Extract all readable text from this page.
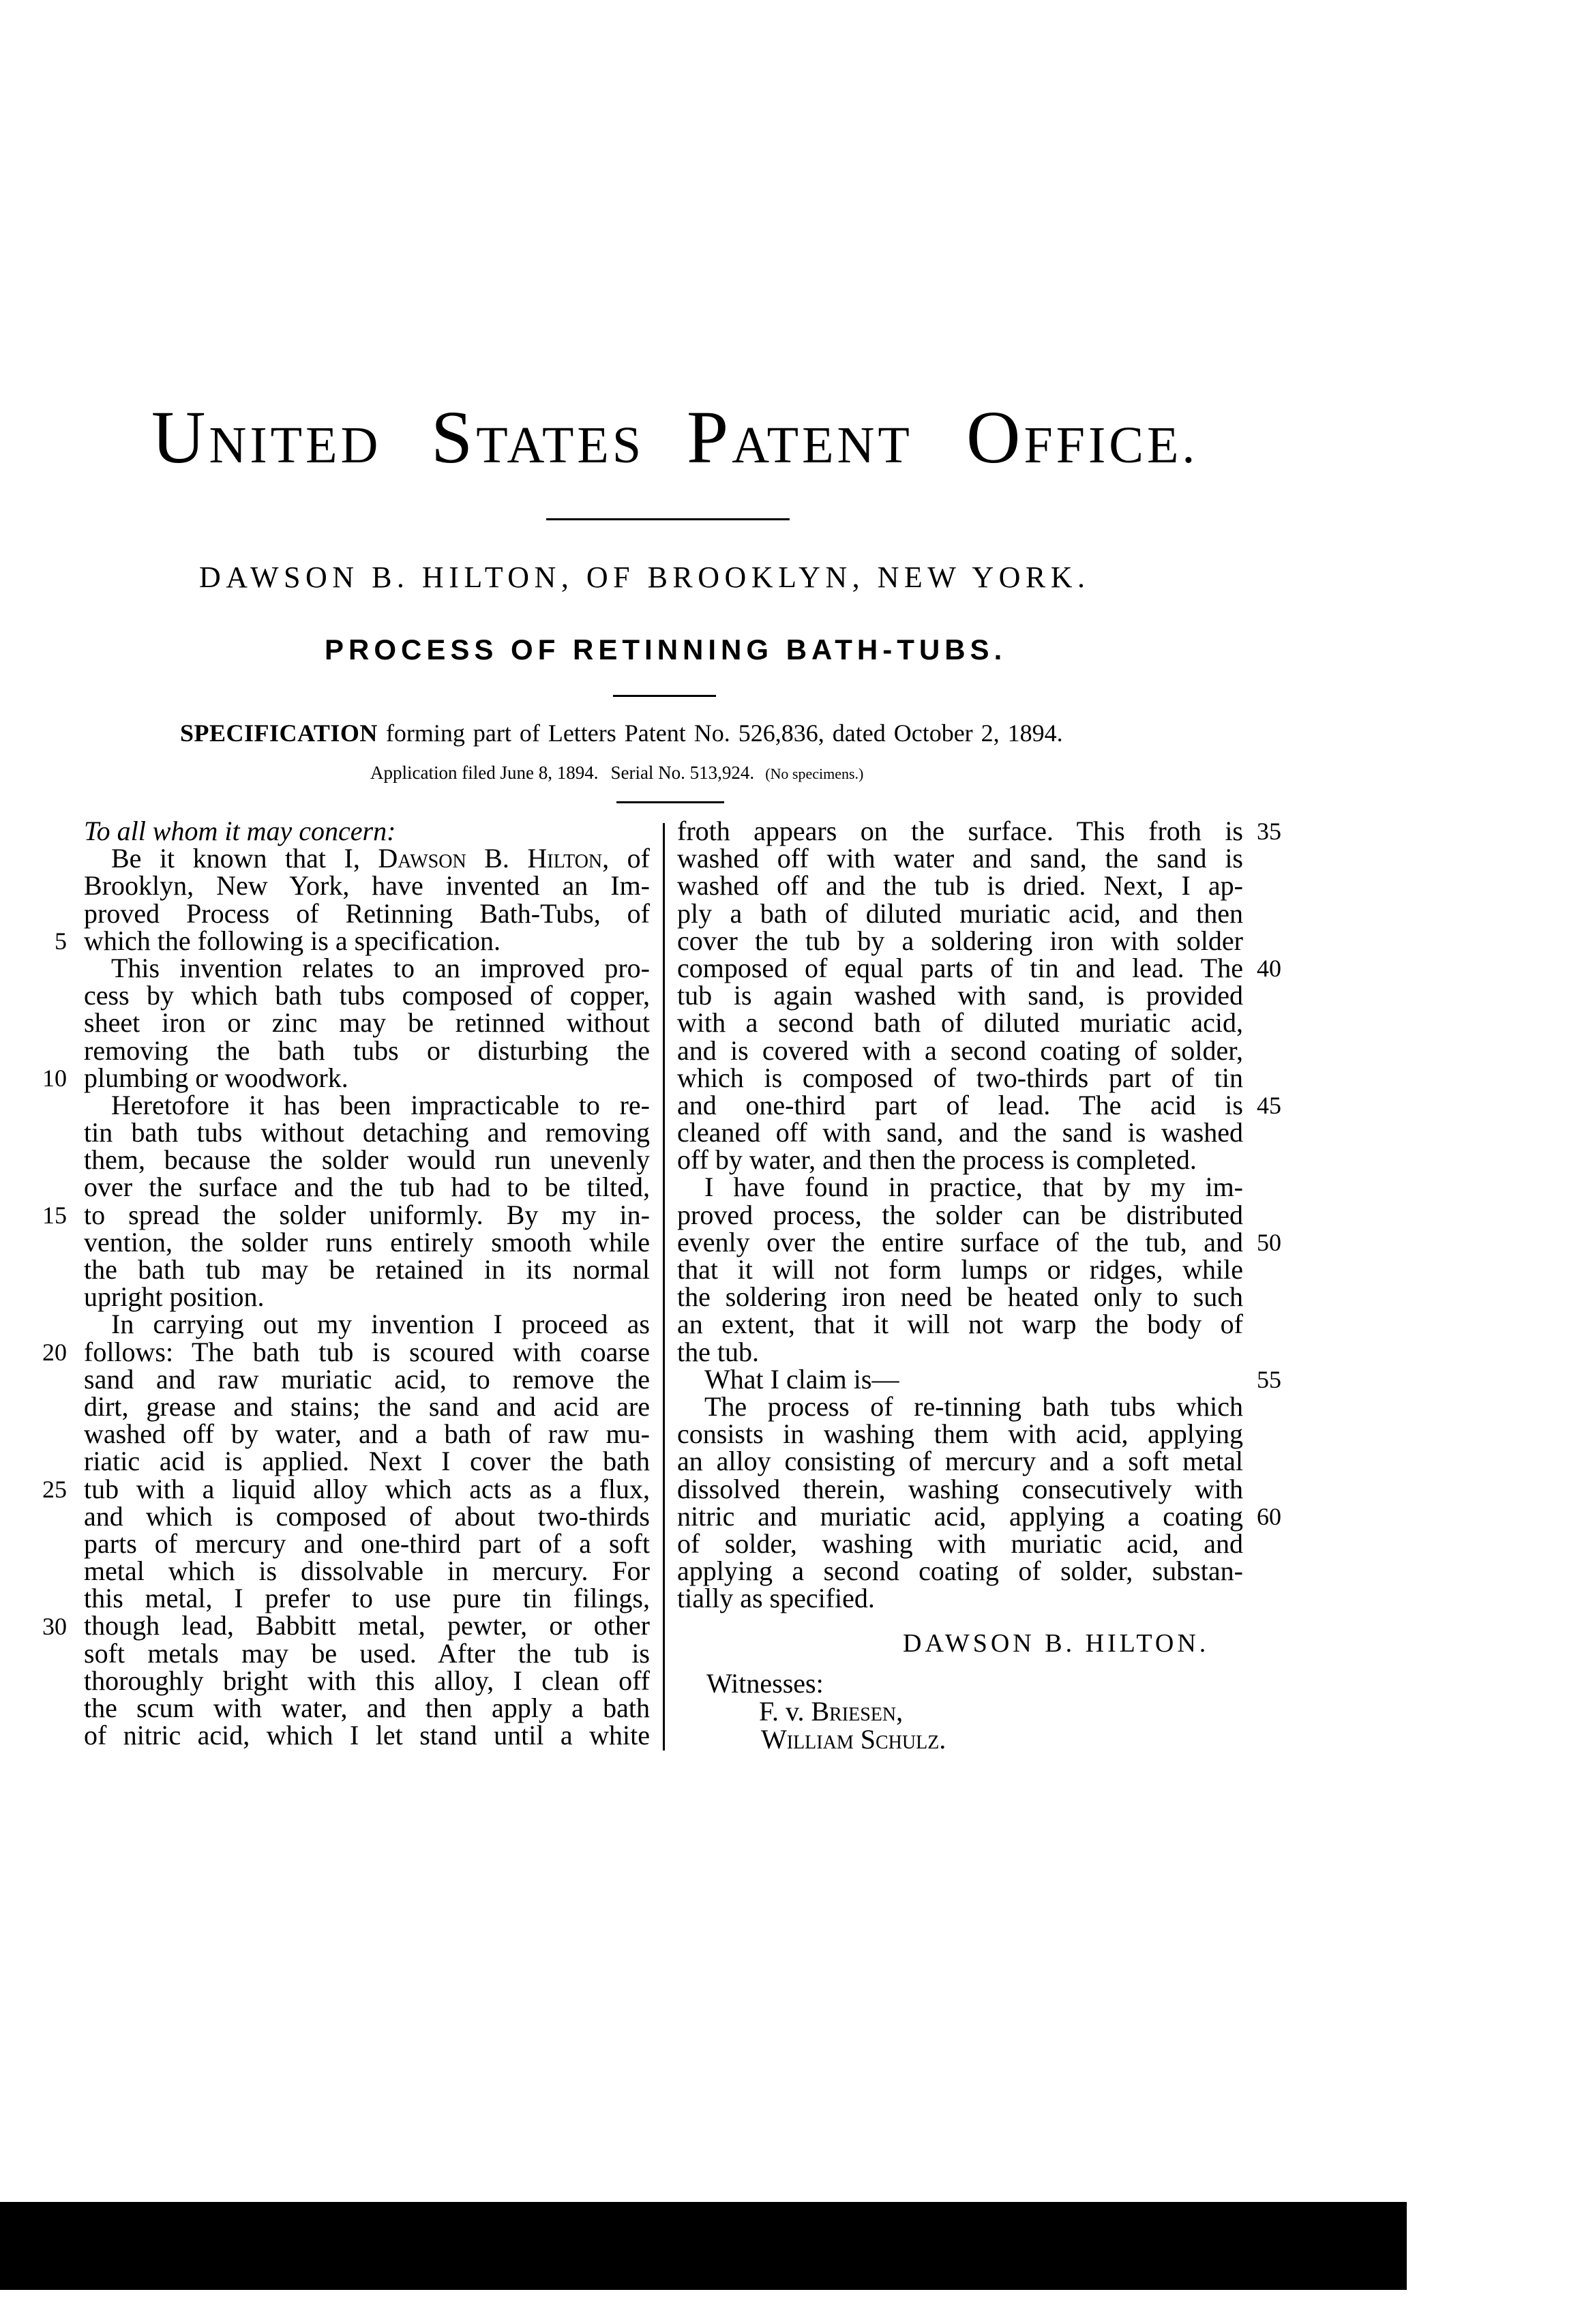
UNITED STATES PATENT OFFICE.
DAWSON B. HILTON, OF BROOKLYN, NEW YORK.
PROCESS OF RETINNING BATH-TUBS.
SPECIFICATION forming part of Letters Patent No. 526,836, dated October 2, 1894.
Application filed June 8, 1894. Serial No. 513,924. (No specimens.)
To all whom it may concern:
Be it known that I, Dawson B. Hilton, of
Brooklyn, New York, have invented an Im-
proved Process of Retinning Bath-Tubs, of
which the following is a specification.
This invention relates to an improved pro-
cess by which bath tubs composed of copper,
sheet iron or zinc may be retinned without
removing the bath tubs or disturbing the
plumbing or woodwork.
Heretofore it has been impracticable to re-
tin bath tubs without detaching and removing
them, because the solder would run unevenly
over the surface and the tub had to be tilted,
to spread the solder uniformly. By my in-
vention, the solder runs entirely smooth while
the bath tub may be retained in its normal
upright position.
In carrying out my invention I proceed as
follows: The bath tub is scoured with coarse
sand and raw muriatic acid, to remove the
dirt, grease and stains; the sand and acid are
washed off by water, and a bath of raw mu-
riatic acid is applied. Next I cover the bath
tub with a liquid alloy which acts as a flux,
and which is composed of about two-thirds
parts of mercury and one-third part of a soft
metal which is dissolvable in mercury. For
this metal, I prefer to use pure tin filings,
though lead, Babbitt metal, pewter, or other
soft metals may be used. After the tub is
thoroughly bright with this alloy, I clean off
the scum with water, and then apply a bath
of nitric acid, which I let stand until a white
froth appears on the surface. This froth is
washed off with water and sand, the sand is
washed off and the tub is dried. Next, I ap-
ply a bath of diluted muriatic acid, and then
cover the tub by a soldering iron with solder
composed of equal parts of tin and lead. The
tub is again washed with sand, is provided
with a second bath of diluted muriatic acid,
and is covered with a second coating of solder,
which is composed of two-thirds part of tin
and one-third part of lead. The acid is
cleaned off with sand, and the sand is washed
off by water, and then the process is completed.
I have found in practice, that by my im-
proved process, the solder can be distributed
evenly over the entire surface of the tub, and
that it will not form lumps or ridges, while
the soldering iron need be heated only to such
an extent, that it will not warp the body of
the tub.
What I claim is—
The process of re-tinning bath tubs which
consists in washing them with acid, applying
an alloy consisting of mercury and a soft metal
dissolved therein, washing consecutively with
nitric and muriatic acid, applying a coating
of solder, washing with muriatic acid, and
applying a second coating of solder, substan-
tially as specified.
5
10
15
20
25
30
35
40
45
50
55
60
DAWSON B. HILTON.
Witnesses:
F. v. Briesen,
William Schulz.
